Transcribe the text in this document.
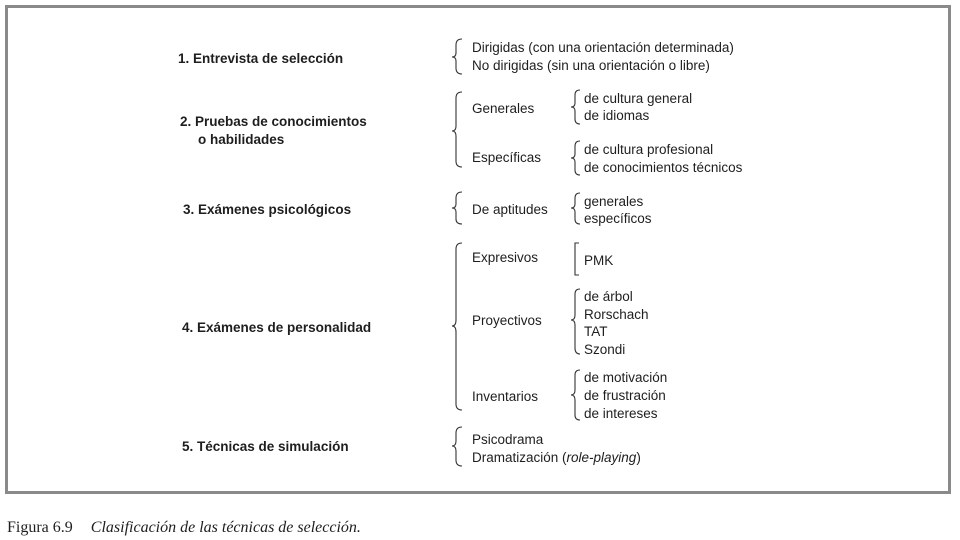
1. Entrevista de selección
Dirigidas (con una orientación determinada)
No dirigidas (sin una orientación o libre)
2. Pruebas de conocimientos
o habilidades
Generales
de cultura general
de idiomas
Específicas
de cultura profesional
de conocimientos técnicos
3. Exámenes psicológicos	De aptitudes
generales
específicos
4. Exámenes de personalidad
Expresivos	PMK
Proyectivos
de árbol
Rorschach
TAT
Szondi
Inventarios
de motivación
de frustración
de intereses
5. Técnicas de simulación	Psicodrama
Dramatización (role-playing)
Figura 6.9 Clasificación de las técnicas de selección.
